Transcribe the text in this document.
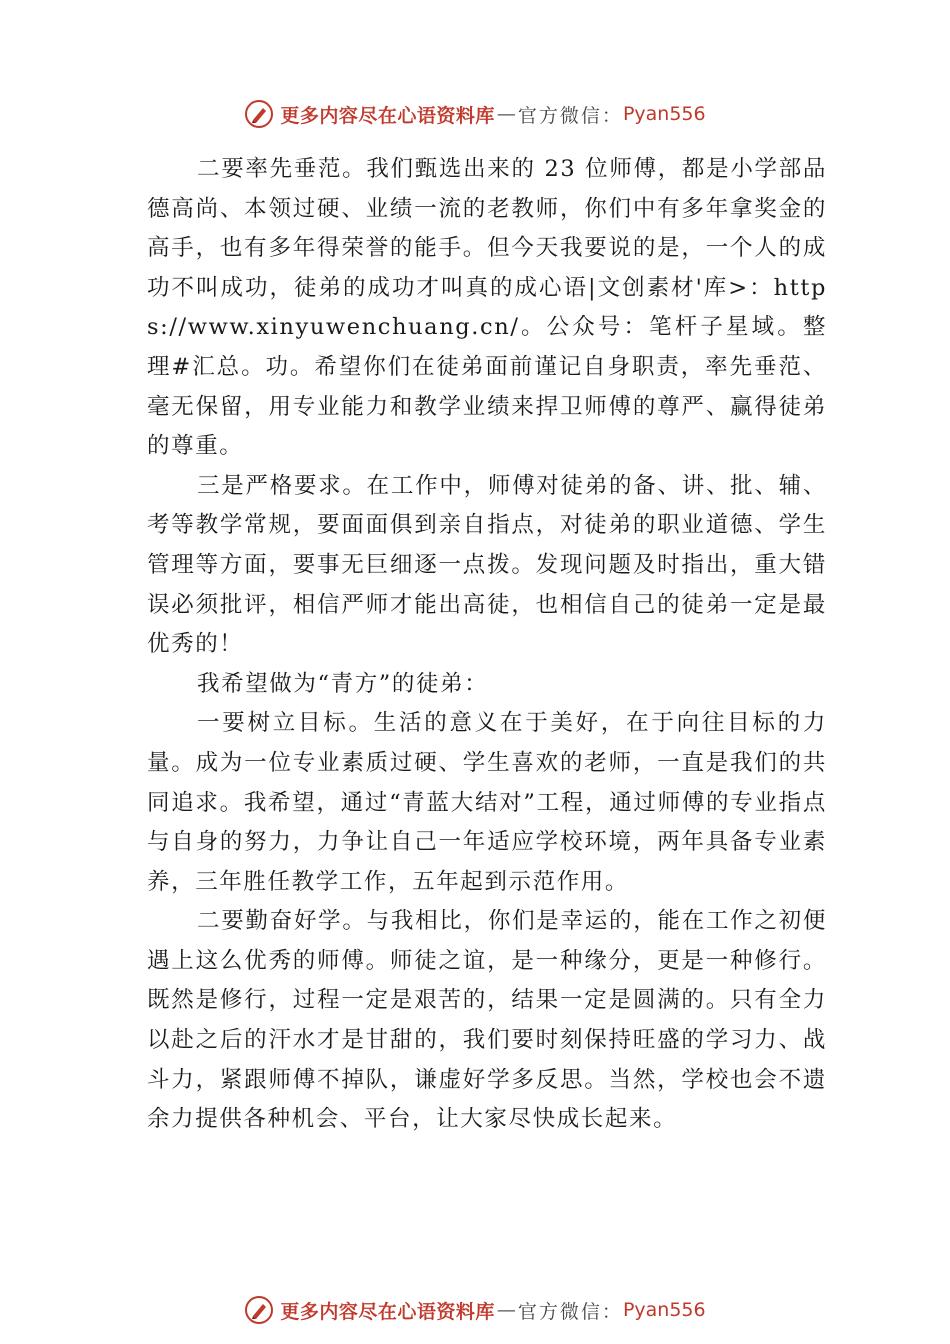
更多内容尽在心语资料库 — 官方微信： Pyan556

二要率先垂范。我们甄选出来的 23 位师傅，都是小学部品德高尚、本领过硬、业绩一流的老教师，你们中有多年拿奖金的高手，也有多年得荣誉的能手。但今天我要说的是，一个人的成功不叫成功，徒弟的成功才叫真的成心语|文创素材'库>：https://www.xinyuwenchuang.cn/。公众号：笔杆子星域。整理#汇总。功。希望你们在徒弟面前谨记自身职责，率先垂范、毫无保留，用专业能力和教学业绩来捍卫师傅的尊严、赢得徒弟的尊重。

三是严格要求。在工作中，师傅对徒弟的备、讲、批、辅、考等教学常规，要面面俱到亲自指点，对徒弟的职业道德、学生管理等方面，要事无巨细逐一点拨。发现问题及时指出，重大错误必须批评，相信严师才能出高徒，也相信自己的徒弟一定是最优秀的！

我希望做为“青方”的徒弟：

一要树立目标。生活的意义在于美好，在于向往目标的力量。成为一位专业素质过硬、学生喜欢的老师，一直是我们的共同追求。我希望，通过“青蓝大结对”工程，通过师傅的专业指点与自身的努力，力争让自己一年适应学校环境，两年具备专业素养，三年胜任教学工作，五年起到示范作用。

二要勤奋好学。与我相比，你们是幸运的，能在工作之初便遇上这么优秀的师傅。师徒之谊，是一种缘分，更是一种修行。既然是修行，过程一定是艰苦的，结果一定是圆满的。只有全力以赴之后的汗水才是甘甜的，我们要时刻保持旺盛的学习力、战斗力，紧跟师傅不掉队，谦虚好学多反思。当然，学校也会不遗余力提供各种机会、平台，让大家尽快成长起来。

更多内容尽在心语资料库 — 官方微信： Pyan556
